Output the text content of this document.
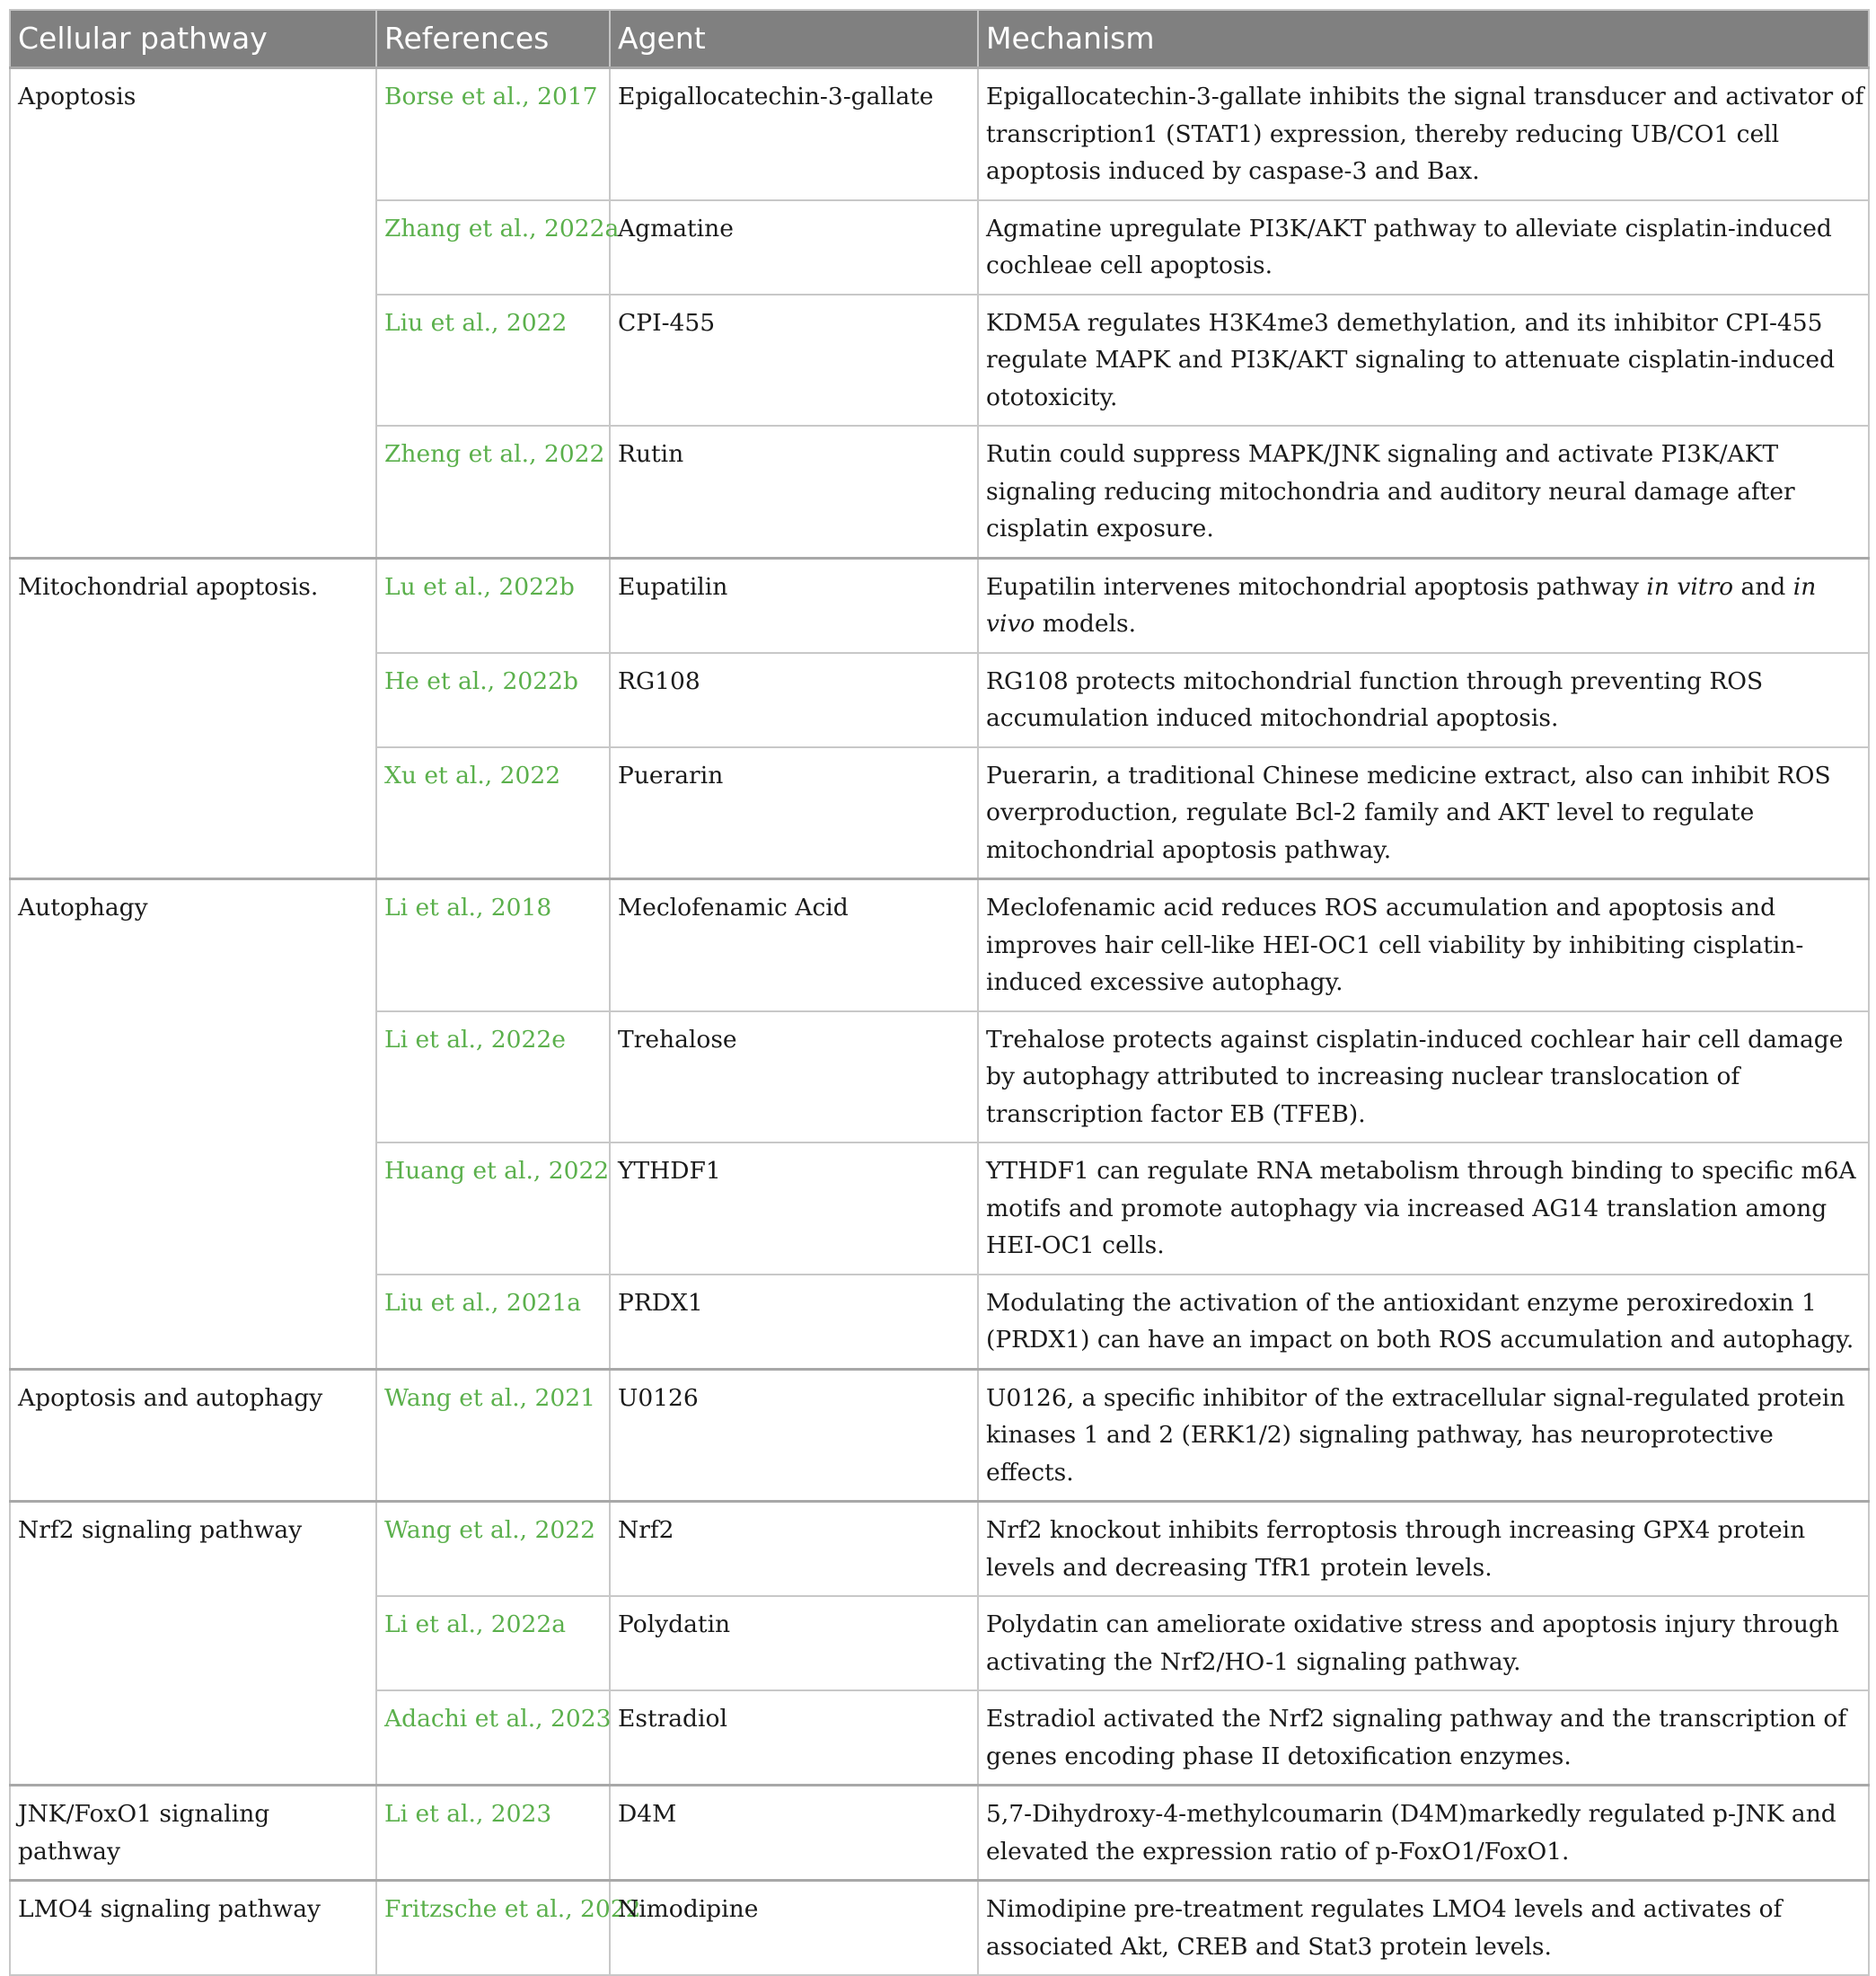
Cellular pathway	References	Agent	Mechanism
Apoptosis	Borse et al., 2017	Epigallocatechin-3-gallate	Epigallocatechin-3-gallate inhibits the signal transducer and activator of transcription1 (STAT1) expression, thereby reducing UB/CO1 cell apoptosis induced by caspase-3 and Bax.
	Zhang et al., 2022a	Agmatine	Agmatine upregulate PI3K/AKT pathway to alleviate cisplatin-induced cochleae cell apoptosis.
	Liu et al., 2022	CPI-455	KDM5A regulates H3K4me3 demethylation, and its inhibitor CPI-455 regulate MAPK and PI3K/AKT signaling to attenuate cisplatin-induced ototoxicity.
	Zheng et al., 2022	Rutin	Rutin could suppress MAPK/JNK signaling and activate PI3K/AKT signaling reducing mitochondria and auditory neural damage after cisplatin exposure.
Mitochondrial apoptosis.	Lu et al., 2022b	Eupatilin	Eupatilin intervenes mitochondrial apoptosis pathway in vitro and in vivo models.
	He et al., 2022b	RG108	RG108 protects mitochondrial function through preventing ROS accumulation induced mitochondrial apoptosis.
	Xu et al., 2022	Puerarin	Puerarin, a traditional Chinese medicine extract, also can inhibit ROS overproduction, regulate Bcl-2 family and AKT level to regulate mitochondrial apoptosis pathway.
Autophagy	Li et al., 2018	Meclofenamic Acid	Meclofenamic acid reduces ROS accumulation and apoptosis and improves hair cell-like HEI-OC1 cell viability by inhibiting cisplatin-induced excessive autophagy.
	Li et al., 2022e	Trehalose	Trehalose protects against cisplatin-induced cochlear hair cell damage by autophagy attributed to increasing nuclear translocation of transcription factor EB (TFEB).
	Huang et al., 2022	YTHDF1	YTHDF1 can regulate RNA metabolism through binding to specific m6A motifs and promote autophagy via increased AG14 translation among HEI-OC1 cells.
	Liu et al., 2021a	PRDX1	Modulating the activation of the antioxidant enzyme peroxiredoxin 1 (PRDX1) can have an impact on both ROS accumulation and autophagy.
Apoptosis and autophagy	Wang et al., 2021	U0126	U0126, a specific inhibitor of the extracellular signal-regulated protein kinases 1 and 2 (ERK1/2) signaling pathway, has neuroprotective effects.
Nrf2 signaling pathway	Wang et al., 2022	Nrf2	Nrf2 knockout inhibits ferroptosis through increasing GPX4 protein levels and decreasing TfR1 protein levels.
	Li et al., 2022a	Polydatin	Polydatin can ameliorate oxidative stress and apoptosis injury through activating the Nrf2/HO-1 signaling pathway.
	Adachi et al., 2023	Estradiol	Estradiol activated the Nrf2 signaling pathway and the transcription of genes encoding phase II detoxification enzymes.
JNK/FoxO1 signaling pathway	Li et al., 2023	D4M	5,7-Dihydroxy-4-methylcoumarin (D4M)markedly regulated p-JNK and elevated the expression ratio of p-FoxO1/FoxO1.
LMO4 signaling pathway	Fritzsche et al., 2022	Nimodipine	Nimodipine pre-treatment regulates LMO4 levels and activates of associated Akt, CREB and Stat3 protein levels.
